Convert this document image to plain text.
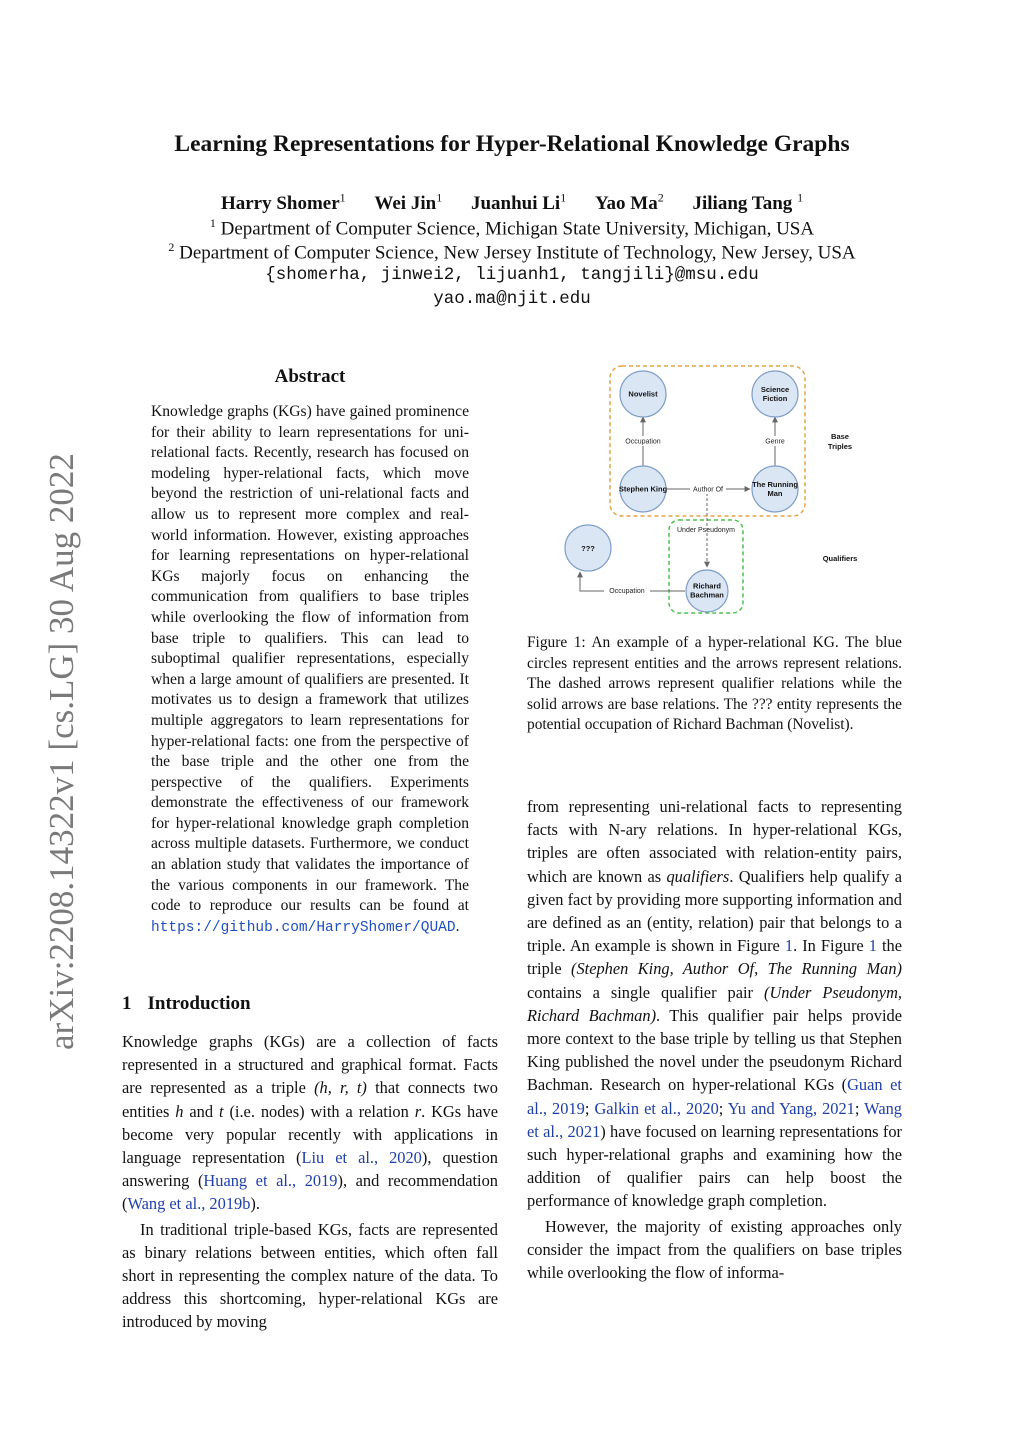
Learning Representations for Hyper-Relational Knowledge Graphs
Harry Shomer$^1$ Wei Jin$^1$ Juanhui Li$^1$ Yao Ma$^2$ Jiliang Tang $^1$
$^1$ Department of Computer Science, Michigan State University, Michigan, USA
$^2$ Department of Computer Science, New Jersey Institute of Technology, New Jersey, USA
{shomerha, jinwei2, lijuanh1, tangjili}@msu.edu
yao.ma@njit.edu
arXiv:2208.14322v1 [cs.LG] 30 Aug 2022
Abstract
Knowledge graphs (KGs) have gained prominence for their ability to learn representations for uni-relational facts. Recently, research has focused on modeling hyper-relational facts, which move beyond the restriction of uni-relational facts and allow us to represent more complex and real-world information. However, existing approaches for learning representations on hyper-relational KGs majorly focus on enhancing the communication from qualifiers to base triples while overlooking the flow of information from base triple to qualifiers. This can lead to suboptimal qualifier representations, especially when a large amount of qualifiers are presented. It motivates us to design a framework that utilizes multiple aggregators to learn representations for hyper-relational facts: one from the perspective of the base triple and the other one from the perspective of the qualifiers. Experiments demonstrate the effectiveness of our framework for hyper-relational knowledge graph completion across multiple datasets. Furthermore, we conduct an ablation study that validates the importance of the various components in our framework. The code to reproduce our results can be found at https://github.com/HarryShomer/QUAD.
1 Introduction

Knowledge graphs (KGs) are a collection of facts represented in a structured and graphical format. Facts are represented as a triple (h, r, t) that connects two entities h and t (i.e. nodes) with a relation r. KGs have become very popular recently with applications in language representation (Liu et al., 2020), question answering (Huang et al., 2019), and recommendation (Wang et al., 2019b).

In traditional triple-based KGs, facts are represented as binary relations between entities, which often fall short in representing the complex nature of the data. To address this shortcoming, hyper-relational KGs are introduced by moving

Occupation	Genre
Author Of
Under Pseudonym
Occupation
Novelist	Science
Fiction
Stephen King	The Running
Man
???
Richard
Bachman
Base
Triples
Qualifiers
Figure 1: An example of a hyper-relational KG. The blue circles represent entities and the arrows represent relations. The dashed arrows represent qualifier relations while the solid arrows are base relations. The ??? entity represents the potential occupation of Richard Bachman (Novelist).

from representing uni-relational facts to representing facts with N-ary relations. In hyper-relational KGs, triples are often associated with relation-entity pairs, which are known as qualifiers. Qualifiers help qualify a given fact by providing more supporting information and are defined as an (entity, relation) pair that belongs to a triple. An example is shown in Figure 1. In Figure 1 the triple (Stephen King, Author Of, The Running Man) contains a single qualifier pair (Under Pseudonym, Richard Bachman). This qualifier pair helps provide more context to the base triple by telling us that Stephen King published the novel under the pseudonym Richard Bachman. Research on hyper-relational KGs (Guan et al., 2019; Galkin et al., 2020; Yu and Yang, 2021; Wang et al., 2021) have focused on learning representations for such hyper-relational graphs and examining how the addition of qualifier pairs can help boost the performance of knowledge graph completion.

However, the majority of existing approaches only consider the impact from the qualifiers on base triples while overlooking the flow of informa-
